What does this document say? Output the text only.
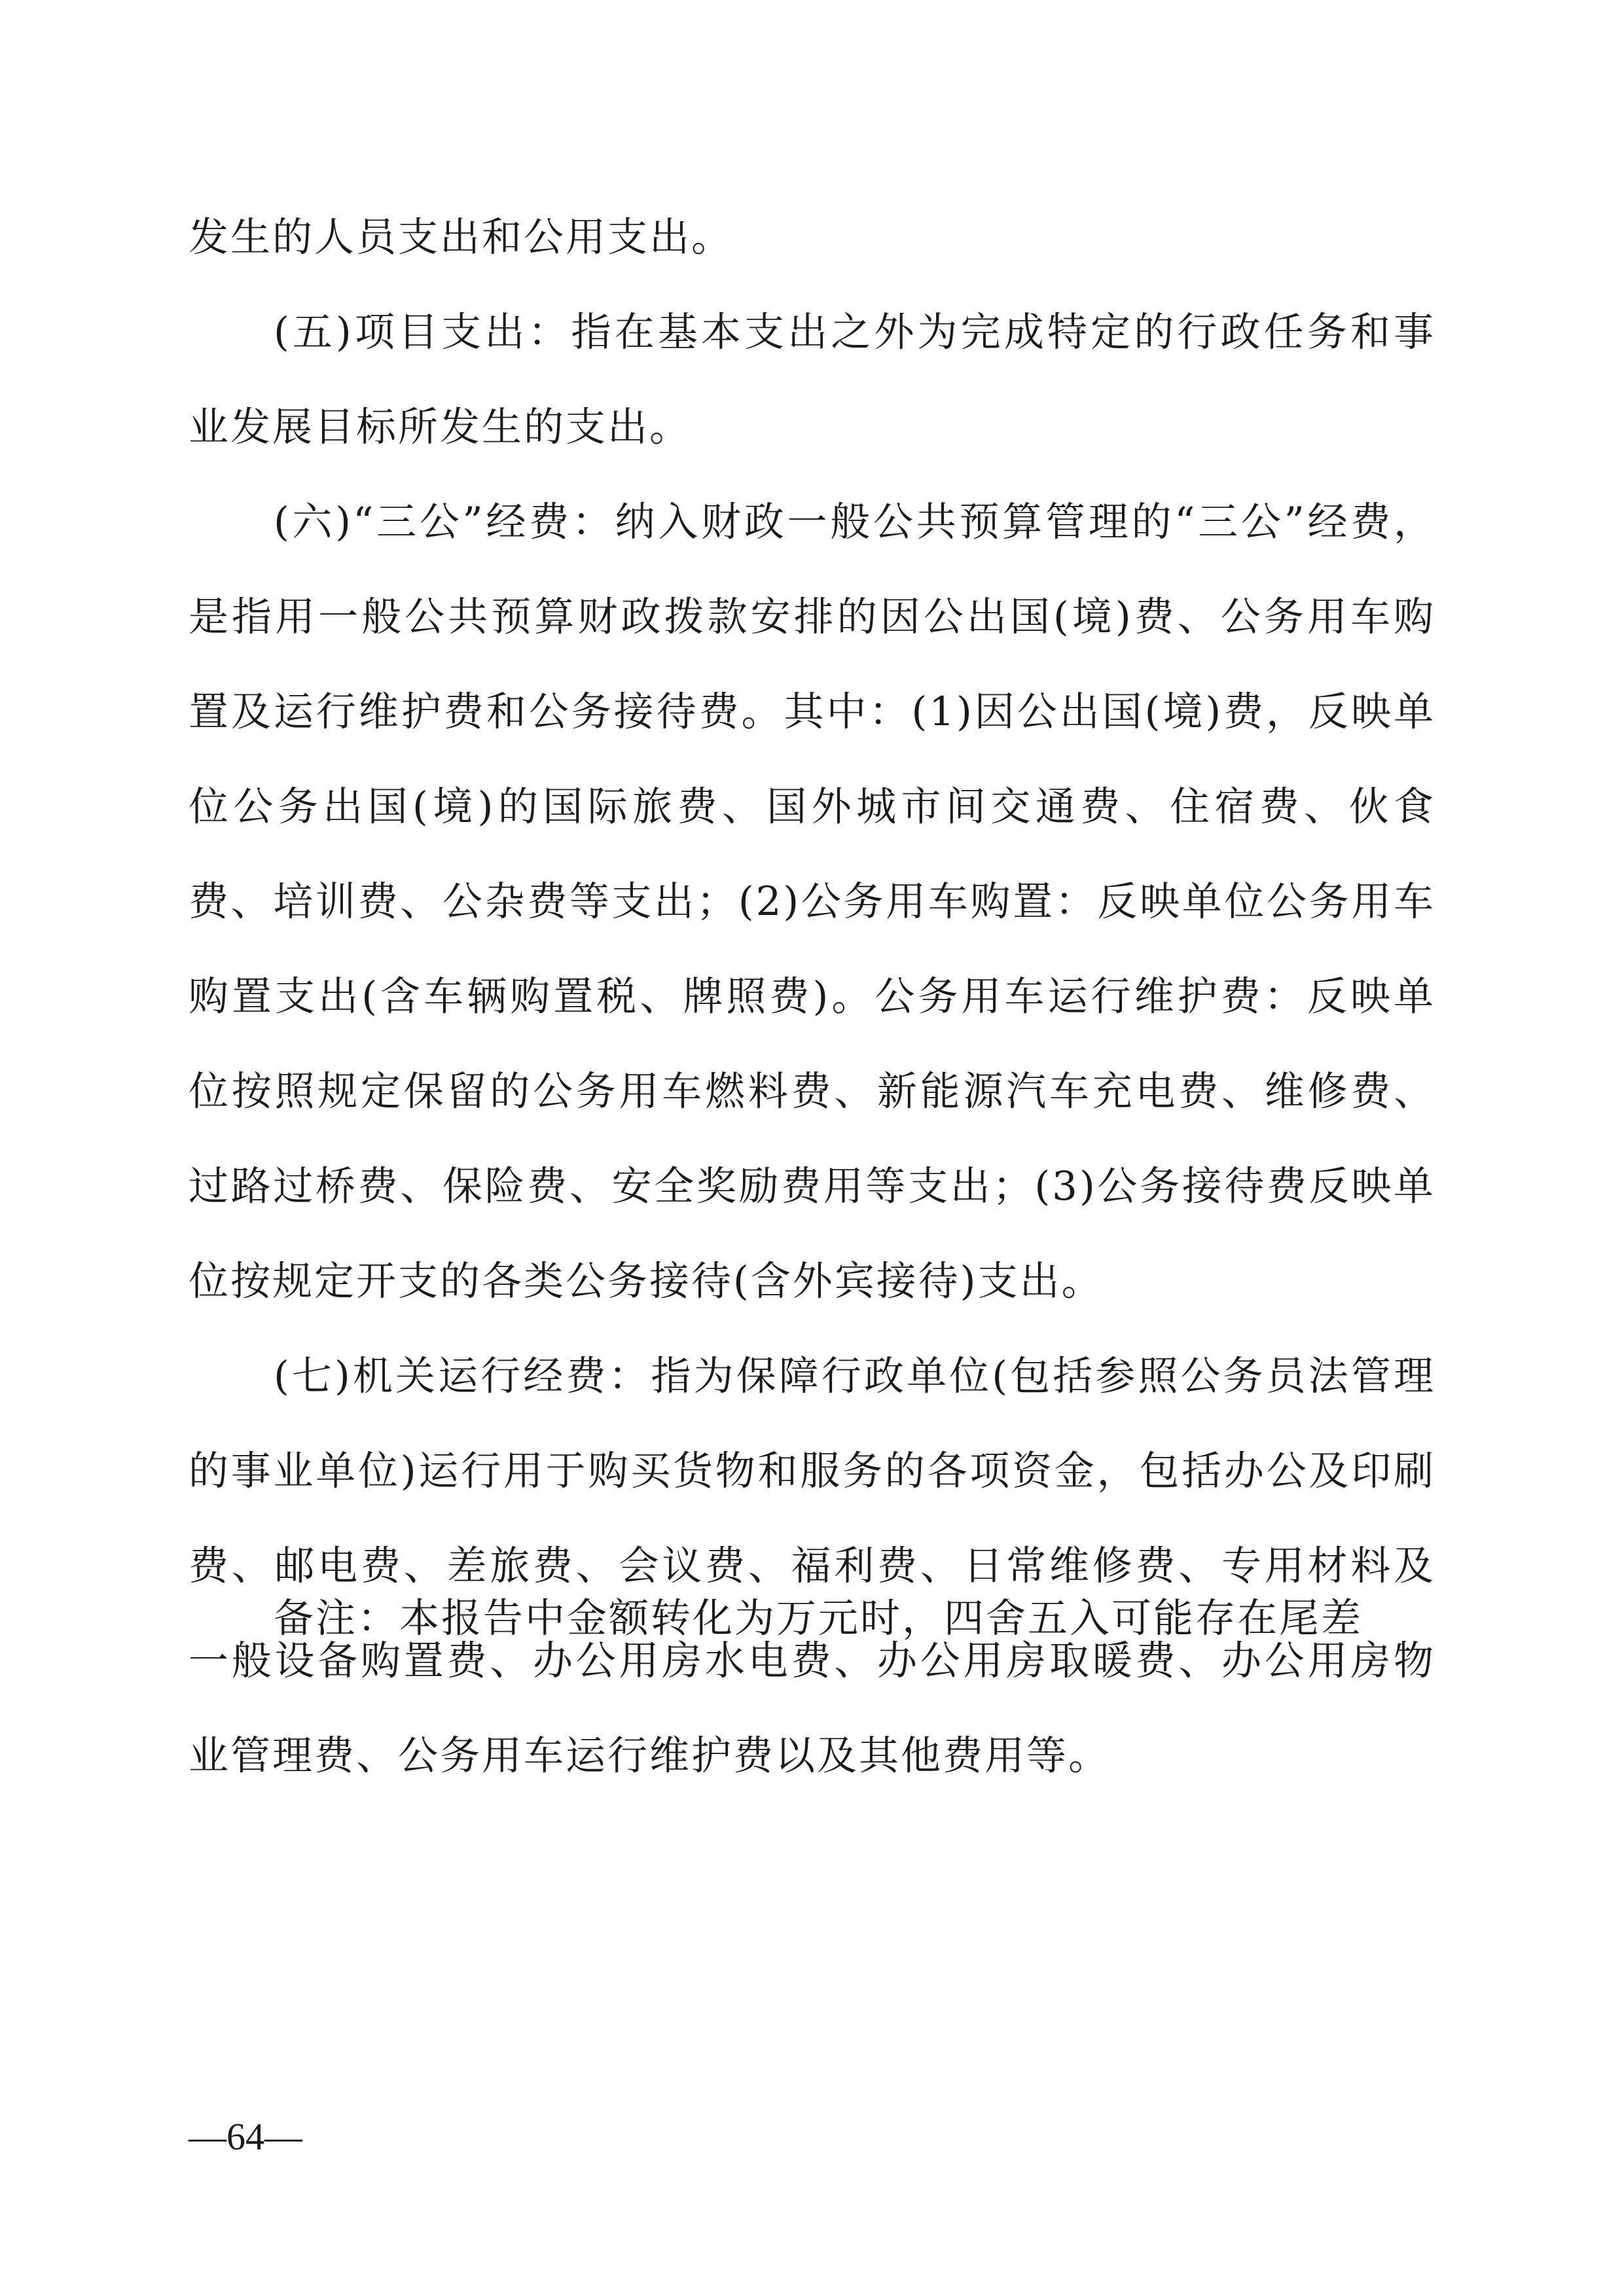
发生的人员支出和公用支出。

(五)项目支出：指在基本支出之外为完成特定的行政任务和事业发展目标所发生的支出。

(六)“三公”经费：纳入财政一般公共预算管理的“三公”经费，是指用一般公共预算财政拨款安排的因公出国(境)费、公务用车购置及运行维护费和公务接待费。其中：(1)因公出国(境)费，反映单位公务出国(境)的国际旅费、国外城市间交通费、住宿费、伙食费、培训费、公杂费等支出；(2)公务用车购置：反映单位公务用车购置支出(含车辆购置税、牌照费)。公务用车运行维护费：反映单位按照规定保留的公务用车燃料费、新能源汽车充电费、维修费、过路过桥费、保险费、安全奖励费用等支出；(3)公务接待费反映单位按规定开支的各类公务接待(含外宾接待)支出。

(七)机关运行经费：指为保障行政单位(包括参照公务员法管理的事业单位)运行用于购买货物和服务的各项资金，包括办公及印刷费、邮电费、差旅费、会议费、福利费、日常维修费、专用材料及一般设备购置费、办公用房水电费、办公用房取暖费、办公用房物业管理费、公务用车运行维护费以及其他费用等。

备注：本报告中金额转化为万元时，四舍五入可能存在尾差

—64—
